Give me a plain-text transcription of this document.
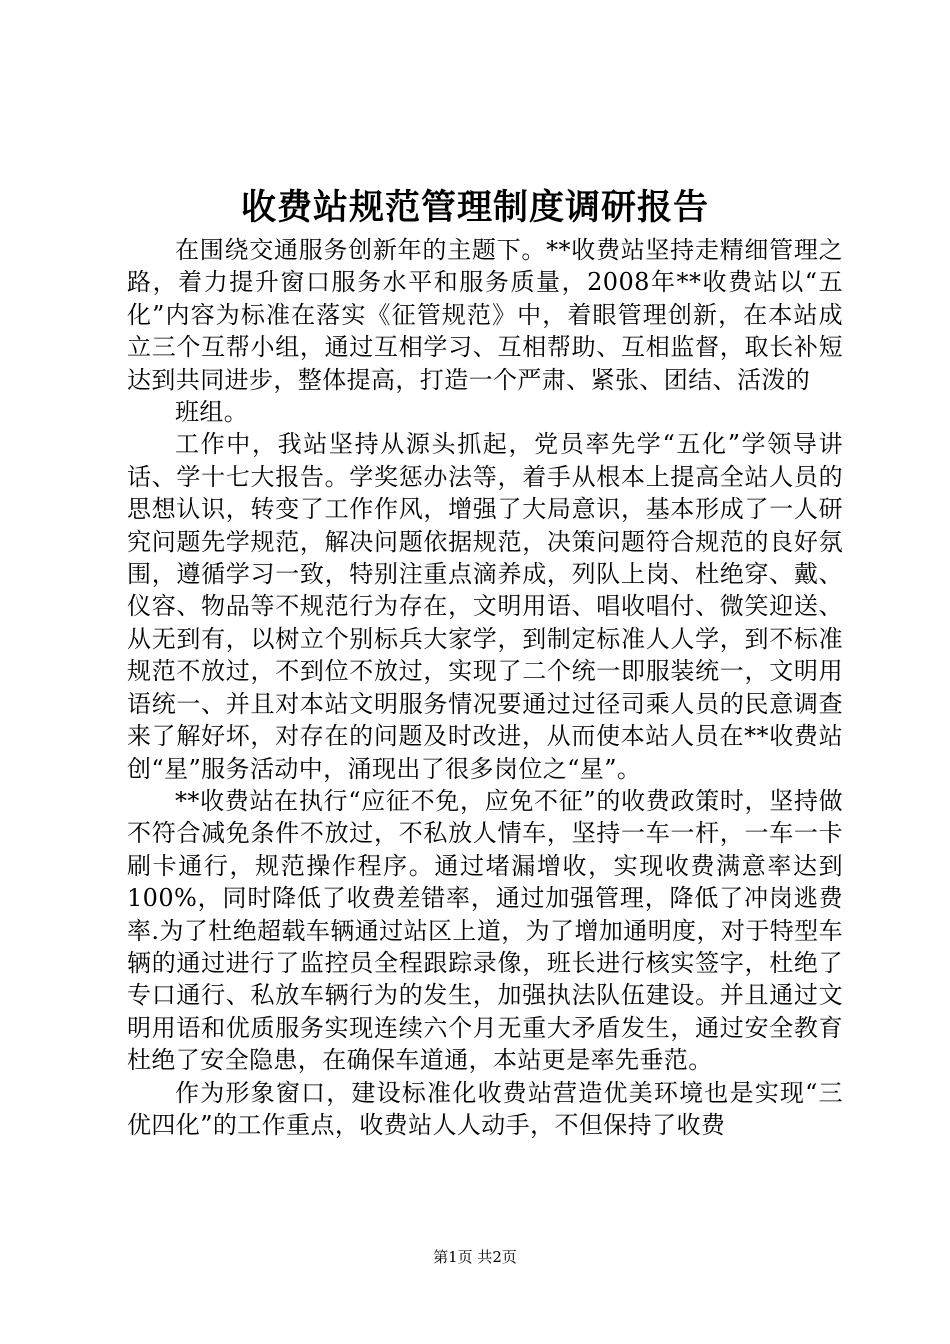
收费站规范管理制度调研报告

在围绕交通服务创新年的主题下。**收费站坚持走精细管理之路，着力提升窗口服务水平和服务质量，2008年**收费站以“五化”内容为标准在落实《征管规范》中，着眼管理创新，在本站成立三个互帮小组，通过互相学习、互相帮助、互相监督，取长补短达到共同进步，整体提高，打造一个严肃、紧张、团结、活泼的

班组。

工作中，我站坚持从源头抓起，党员率先学“五化”学领导讲话、学十七大报告。学奖惩办法等，着手从根本上提高全站人员的思想认识，转变了工作作风，增强了大局意识，基本形成了一人研究问题先学规范，解决问题依据规范，决策问题符合规范的良好氛围，遵循学习一致，特别注重点滴养成，列队上岗、杜绝穿、戴、仪容、物品等不规范行为存在，文明用语、唱收唱付、微笑迎送、从无到有，以树立个别标兵大家学，到制定标准人人学，到不标准规范不放过，不到位不放过，实现了二个统一即服装统一，文明用语统一、并且对本站文明服务情况要通过过径司乘人员的民意调查来了解好坏，对存在的问题及时改进，从而使本站人员在**收费站创“星”服务活动中，涌现出了很多岗位之“星”。

**收费站在执行“应征不免，应免不征”的收费政策时，坚持做不符合减免条件不放过，不私放人情车，坚持一车一杆，一车一卡刷卡通行，规范操作程序。通过堵漏增收，实现收费满意率达到100%，同时降低了收费差错率，通过加强管理，降低了冲岗逃费率.为了杜绝超载车辆通过站区上道，为了增加通明度，对于特型车辆的通过进行了监控员全程跟踪录像，班长进行核实签字，杜绝了专口通行、私放车辆行为的发生，加强执法队伍建设。并且通过文明用语和优质服务实现连续六个月无重大矛盾发生，通过安全教育杜绝了安全隐患，在确保车道通，本站更是率先垂范。

作为形象窗口，建设标准化收费站营造优美环境也是实现“三优四化”的工作重点，收费站人人动手，不但保持了收费

第1页 共2页
